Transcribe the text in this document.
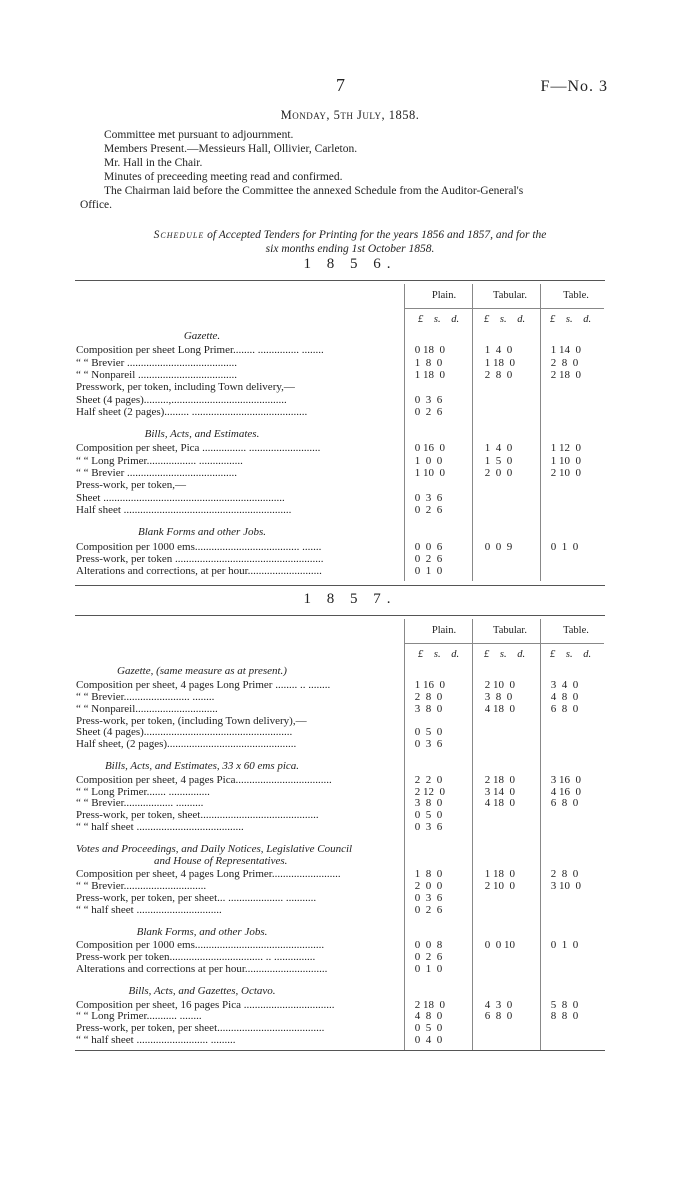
7	F—No. 3
Monday, 5th July, 1858.

Committee met pursuant to adjournment.

Members Present.—Messieurs Hall, Ollivier, Carleton.

Mr. Hall in the Chair.

Minutes of preceeding meeting read and confirmed.

The Chairman laid before the Committee the annexed Schedule from the Auditor-General's

Office.

Schedule of Accepted Tenders for Printing for the years 1856 and 1857, and for the
six months ending 1st October 1858.
1 8 5 6.
Plain.	Tabular.	Table.
£ s. d. £ s. d. £ s. d.
Gazette.
Composition per sheet Long Primer........ ............... ........	0 18  0	1  4  0	1 14  0
“ “ Brevier ........................................	1  8  0	1 18  0	2  8  0
“ “ Nonpareil ....................................	1 18  0	2  8  0	2 18  0
Presswork, per token, including Town delivery,—
Sheet (4 pages).........,..........................................	0  3  6
Half sheet (2 pages)......... ..........................................	0  2  6
Bills, Acts, and Estimates.
Composition per sheet, Pica ................ ..........................	0 16  0	1  4  0	1 12  0
“ “ Long Primer.................. ................	1  0  0	1  5  0	1 10  0
“ “ Brevier ........................................	1 10  0	2  0  0	2 10  0
Press-work, per token,—
Sheet ..................................................................	0  3  6
Half sheet .............................................................	0  2  6
Blank Forms and other Jobs.
Composition per 1000 ems...................................... .......	0  0  6	0  0  9	0  1  0
Press-work, per token ......................................................	0  2  6
Alterations and corrections, at per hour...........................	0  1  0
1 8 5 7.
Plain.	Tabular.	Table.
£ s. d. £ s. d. £ s. d.
Gazette, (same measure as at present.)
Composition per sheet, 4 pages Long Primer ........ .. ........	1 16  0	2 10  0	3  4  0
“ “ Brevier........................ ........	2  8  0	3  8  0	4  8  0
“ “ Nonpareil..............................	3  8  0	4 18  0	6  8  0
Press-work, per token, (including Town delivery),—
Sheet (4 pages)......................................................	0  5  0
Half sheet, (2 pages)...............................................	0  3  6
Bills, Acts, and Estimates, 33 x 60 ems pica.
Composition per sheet, 4 pages Pica...................................	2  2  0	2 18  0	3 16  0
“ “ Long Primer....... ...............	2 12  0	3 14  0	4 16  0
“ “ Brevier.................. ..........	3  8  0	4 18  0	6  8  0
Press-work, per token, sheet...........................................	0  5  0
“ “ half sheet .......................................	0  3  6
Votes and Proceedings, and Daily Notices, Legislative Council
and House of Representatives.
Composition per sheet, 4 pages Long Primer.........................	1  8  0	1 18  0	2  8  0
“ “ Brevier..............................	2  0  0	2 10  0	3 10  0
Press-work, per token, per sheet... .................... ...........	0  3  6
“ “ half sheet ...............................	0  2  6
Blank Forms, and other Jobs.
Composition per 1000 ems...............................................	0  0  8	0  0 10	0  1  0
Press-work per token.................................. .. ...............	0  2  6
Alterations and corrections at per hour..............................	0  1  0
Bills, Acts, and Gazettes, Octavo.
Composition per sheet, 16 pages Pica .................................	2 18  0	4  3  0	5  8  0
“ “ Long Primer........... ........	4  8  0	6  8  0	8  8  0
Press-work, per token, per sheet.......................................	0  5  0
“ “ half sheet .......................... .........	0  4  0
